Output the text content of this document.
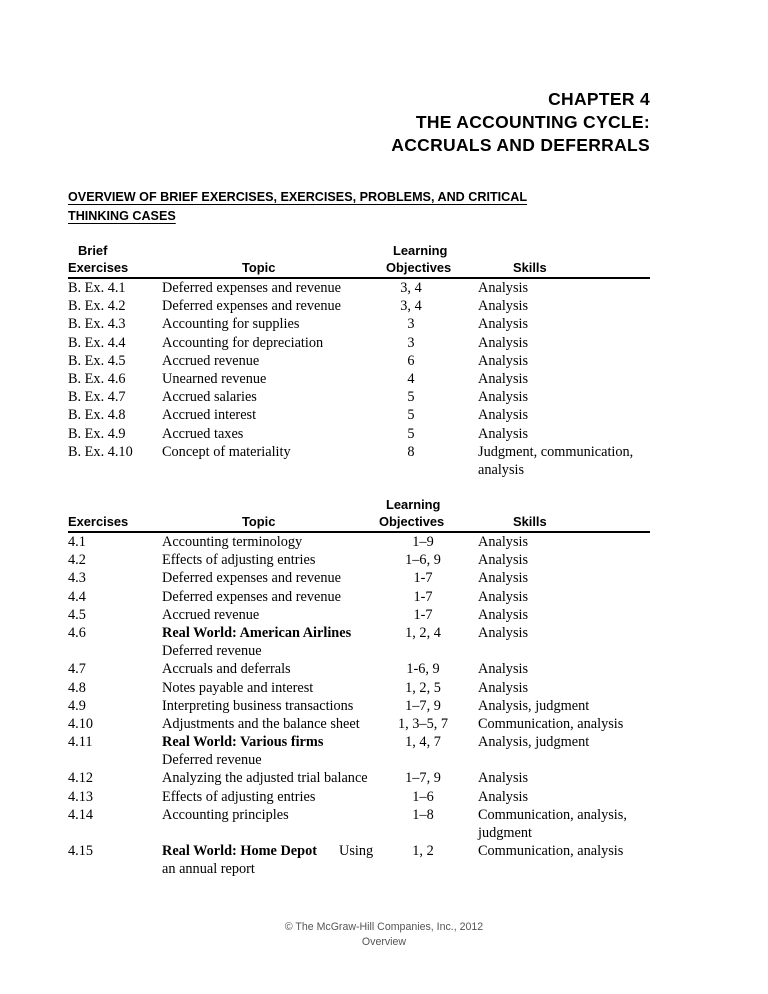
CHAPTER 4
THE ACCOUNTING CYCLE:
ACCRUALS AND DEFERRALS
OVERVIEW OF BRIEF EXERCISES, EXERCISES, PROBLEMS, AND CRITICAL
THINKING CASES
Brief
Exercises	Topic
Learning
Objectives	Skills
B. Ex. 4.1	Deferred expenses and revenue	3, 4	Analysis
B. Ex. 4.2	Deferred expenses and revenue	3, 4	Analysis
B. Ex. 4.3	Accounting for supplies	3	Analysis
B. Ex. 4.4	Accounting for depreciation	3	Analysis
B. Ex. 4.5	Accrued revenue	6	Analysis
B. Ex. 4.6	Unearned revenue	4	Analysis
B. Ex. 4.7	Accrued salaries	5	Analysis
B. Ex. 4.8	Accrued interest	5	Analysis
B. Ex. 4.9	Accrued taxes	5	Analysis
B. Ex. 4.10 Concept of materiality	8	Judgment, communication, analysis
Learning
Exercises	Topic	Objectives	Skills
4.1	Accounting terminology	1–9	Analysis
4.2	Effects of adjusting entries	1–6, 9	Analysis
4.3	Deferred expenses and revenue	1-7	Analysis
4.4	Deferred expenses and revenue	1-7	Analysis
4.5	Accrued revenue	1-7	Analysis
4.6	Real World: American Airlines	1, 2, 4	Analysis
Deferred revenue
4.7	Accruals and deferrals	1-6, 9	Analysis
4.8	Notes payable and interest	1, 2, 5	Analysis
4.9	Interpreting business transactions	1–7, 9	Analysis, judgment
4.10	Adjustments and the balance sheet	1, 3–5, 7	Communication, analysis
4.11	Real World: Various firms	1, 4, 7	Analysis, judgment
Deferred revenue
4.12	Analyzing the adjusted trial balance	1–7, 9	Analysis
4.13	Effects of adjusting entries	1–6	Analysis
4.14	Accounting principles	1–8	Communication, analysis, judgment
4.15	Real World: Home Depot Using	1, 2	Communication, analysis
an annual report
© The McGraw-Hill Companies, Inc., 2012
Overview
